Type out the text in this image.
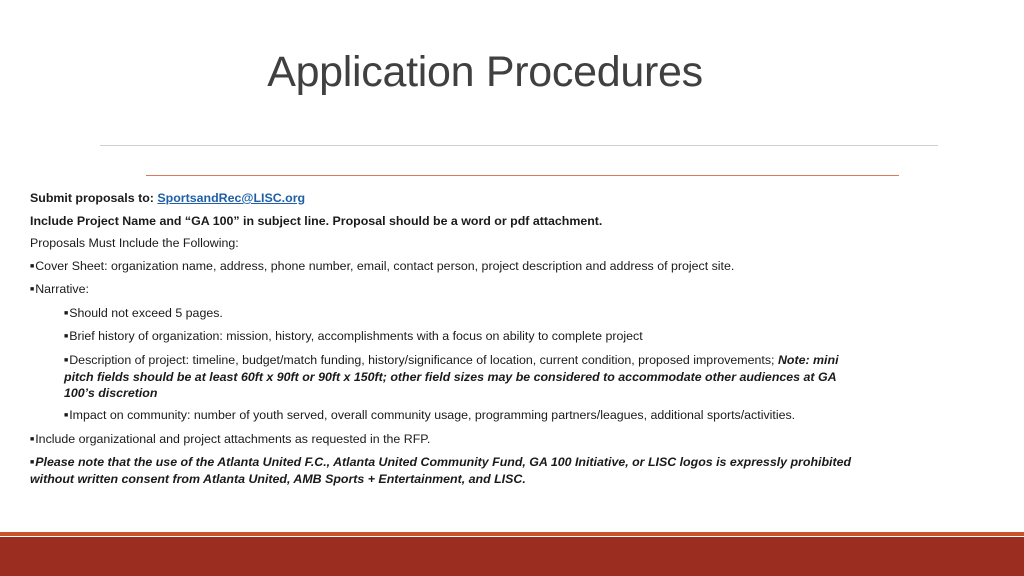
Application Procedures

Submit proposals to: SportsandRec@LISC.org

Include Project Name and “GA 100” in subject line. Proposal should be a word or pdf attachment.

Proposals Must Include the Following:

■Cover Sheet: organization name, address, phone number, email, contact person, project description and address of project site.

■Narrative:

■Should not exceed 5 pages.

■Brief history of organization: mission, history, accomplishments with a focus on ability to complete project

■Description of project: timeline, budget/match funding, history/significance of location, current condition, proposed improvements; Note: mini pitch fields should be at least 60ft x 90ft or 90ft x 150ft; other field sizes may be considered to accommodate other audiences at GA 100’s discretion

■Impact on community: number of youth served, overall community usage, programming partners/leagues, additional sports/activities.

■Include organizational and project attachments as requested in the RFP.

■Please note that the use of the Atlanta United F.C., Atlanta United Community Fund, GA 100 Initiative, or LISC logos is expressly prohibited without written consent from Atlanta United, AMB Sports + Entertainment, and LISC.
